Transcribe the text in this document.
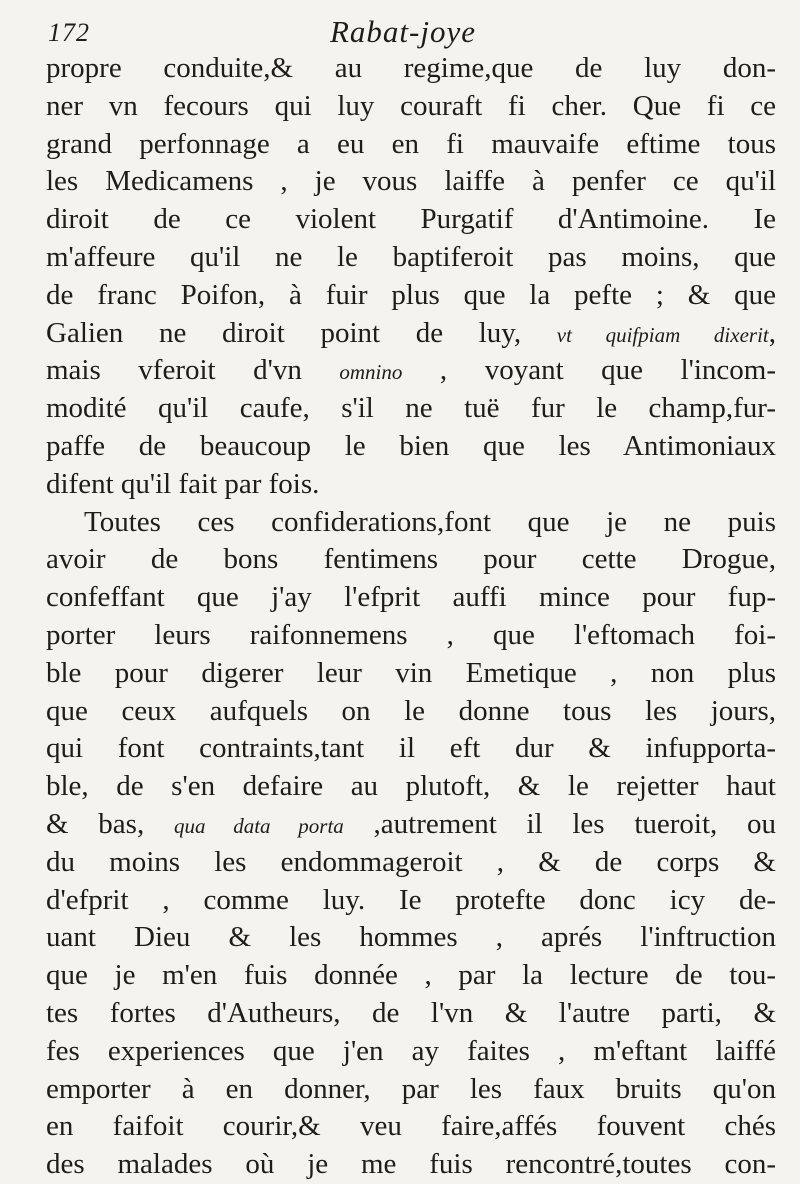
172	Rabat-joye
propre conduite,& au regime,que de luy don-
ner vn fecours qui luy couraft fi cher. Que fi ce
grand perfonnage a eu en fi mauvaife eftime tous
les Medicamens , je vous laiffe à penfer ce qu'il
diroit de ce violent Purgatif d'Antimoine. Ie
m'affeure qu'il ne le baptiferoit pas moins, que
de franc Poifon, à fuir plus que la pefte ; & que
Galien ne diroit point de luy, vt quifpiam dixerit,
mais vferoit d'vn omnino , voyant que l'incom-
modité qu'il caufe, s'il ne tuë fur le champ,fur-
paffe de beaucoup le bien que les Antimoniaux
difent qu'il fait par fois.
Toutes ces confiderations,font que je ne puis
avoir de bons fentimens pour cette Drogue,
confeffant que j'ay l'efprit auffi mince pour fup-
porter leurs raifonnemens , que l'eftomach foi-
ble pour digerer leur vin Emetique , non plus
que ceux aufquels on le donne tous les jours,
qui font contraints,tant il eft dur & infupporta-
ble, de s'en defaire au plutoft, & le rejetter haut
& bas, qua data porta ,autrement il les tueroit, ou
du moins les endommageroit , & de corps &
d'efprit , comme luy. Ie protefte donc icy de-
uant Dieu & les hommes , aprés l'inftruction
que je m'en fuis donnée , par la lecture de tou-
tes fortes d'Autheurs, de l'vn & l'autre parti, &
fes experiences que j'en ay faites , m'eftant laiffé
emporter à en donner, par les faux bruits qu'on
en faifoit courir,& veu faire,affés fouvent chés
des malades où je me fuis rencontré,toutes con-
